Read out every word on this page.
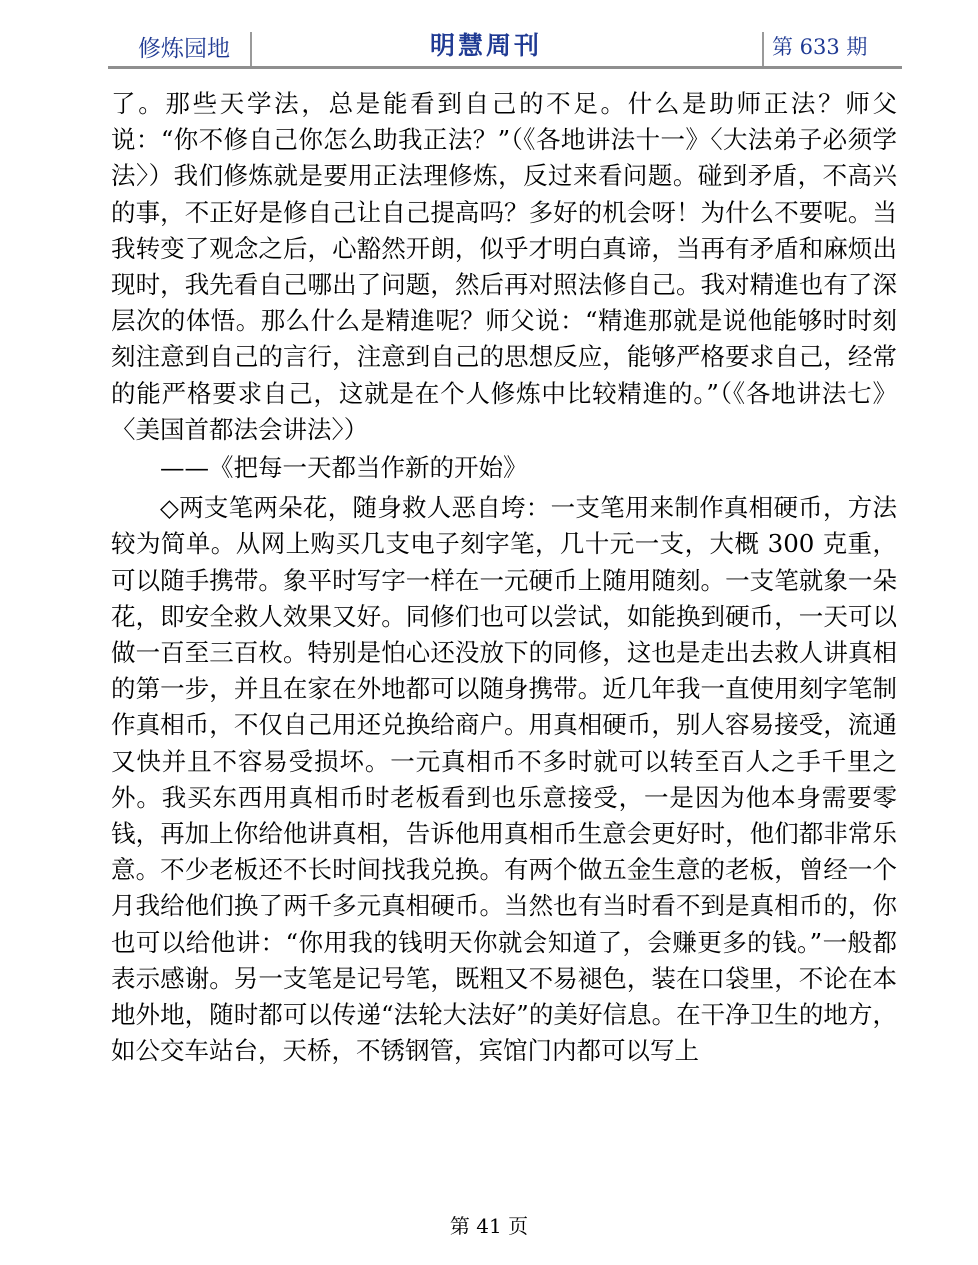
修炼园地	明慧周刊	第 633 期

了。那些天学法，总是能看到自己的不足。什么是助师正法？师父说：“你不修自己你怎么助我正法？”（《各地讲法十一》〈大法弟子必须学法〉）我们修炼就是要用正法理修炼，反过来看问题。碰到矛盾，不高兴的事，不正好是修自己让自己提高吗？多好的机会呀！为什么不要呢。当我转变了观念之后，心豁然开朗，似乎才明白真谛，当再有矛盾和麻烦出现时，我先看自己哪出了问题，然后再对照法修自己。我对精進也有了深层次的体悟。那么什么是精進呢？师父说：“精進那就是说他能够时时刻刻注意到自己的言行，注意到自己的思想反应，能够严格要求自己，经常的能严格要求自己，这就是在个人修炼中比较精進的。”（《各地讲法七》〈美国首都法会讲法〉）

——《把每一天都当作新的开始》

◇两支笔两朵花，随身救人恶自垮：一支笔用来制作真相硬币，方法较为简单。从网上购买几支电子刻字笔，几十元一支，大概 300 克重，可以随手携带。象平时写字一样在一元硬币上随用随刻。一支笔就象一朵花，即安全救人效果又好。同修们也可以尝试，如能换到硬币，一天可以做一百至三百枚。特别是怕心还没放下的同修，这也是走出去救人讲真相的第一步，并且在家在外地都可以随身携带。近几年我一直使用刻字笔制作真相币，不仅自己用还兑换给商户。用真相硬币，别人容易接受，流通又快并且不容易受损坏。一元真相币不多时就可以转至百人之手千里之外。我买东西用真相币时老板看到也乐意接受，一是因为他本身需要零钱，再加上你给他讲真相，告诉他用真相币生意会更好时，他们都非常乐意。不少老板还不长时间找我兑换。有两个做五金生意的老板，曾经一个月我给他们换了两千多元真相硬币。当然也有当时看不到是真相币的，你也可以给他讲：“你用我的钱明天你就会知道了，会赚更多的钱。”一般都表示感谢。另一支笔是记号笔，既粗又不易褪色，装在口袋里，不论在本地外地，随时都可以传递“法轮大法好”的美好信息。在干净卫生的地方，如公交车站台，天桥，不锈钢管，宾馆门内都可以写上

第 41 页
